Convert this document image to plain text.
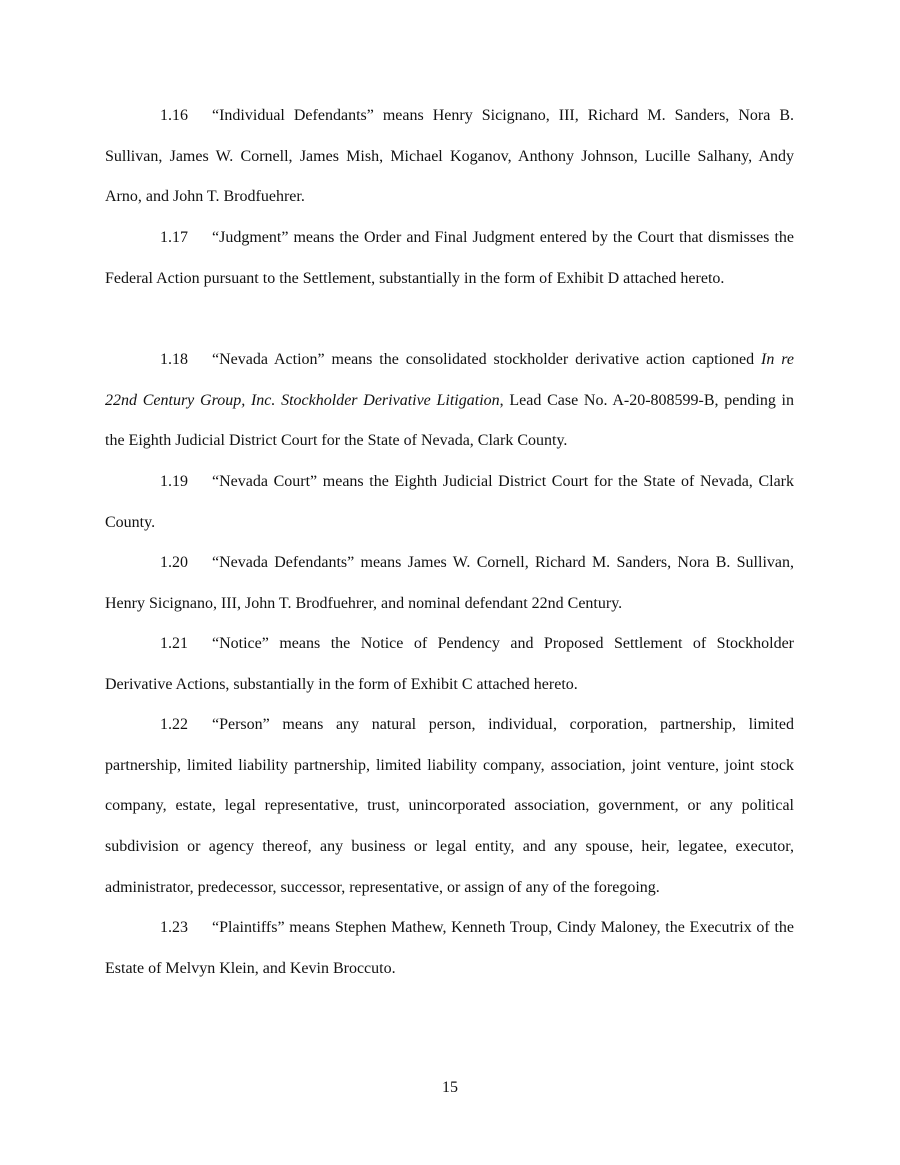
1.16 “Individual Defendants” means Henry Sicignano, III, Richard M. Sanders, Nora B. Sullivan, James W. Cornell, James Mish, Michael Koganov, Anthony Johnson, Lucille Salhany, Andy Arno, and John T. Brodfuehrer.

1.17 “Judgment” means the Order and Final Judgment entered by the Court that dismisses the Federal Action pursuant to the Settlement, substantially in the form of Exhibit D attached hereto.

1.18 “Nevada Action” means the consolidated stockholder derivative action captioned In re 22nd Century Group, Inc. Stockholder Derivative Litigation, Lead Case No. A-20-808599-B, pending in the Eighth Judicial District Court for the State of Nevada, Clark County.

1.19 “Nevada Court” means the Eighth Judicial District Court for the State of Nevada, Clark County.

1.20 “Nevada Defendants” means James W. Cornell, Richard M. Sanders, Nora B. Sullivan, Henry Sicignano, III, John T. Brodfuehrer, and nominal defendant 22nd Century.

1.21 “Notice” means the Notice of Pendency and Proposed Settlement of Stockholder Derivative Actions, substantially in the form of Exhibit C attached hereto.

1.22 “Person” means any natural person, individual, corporation, partnership, limited partnership, limited liability partnership, limited liability company, association, joint venture, joint stock company, estate, legal representative, trust, unincorporated association, government, or any political subdivision or agency thereof, any business or legal entity, and any spouse, heir, legatee, executor, administrator, predecessor, successor, representative, or assign of any of the foregoing.

1.23 “Plaintiffs” means Stephen Mathew, Kenneth Troup, Cindy Maloney, the Executrix of the Estate of Melvyn Klein, and Kevin Broccuto.

15
